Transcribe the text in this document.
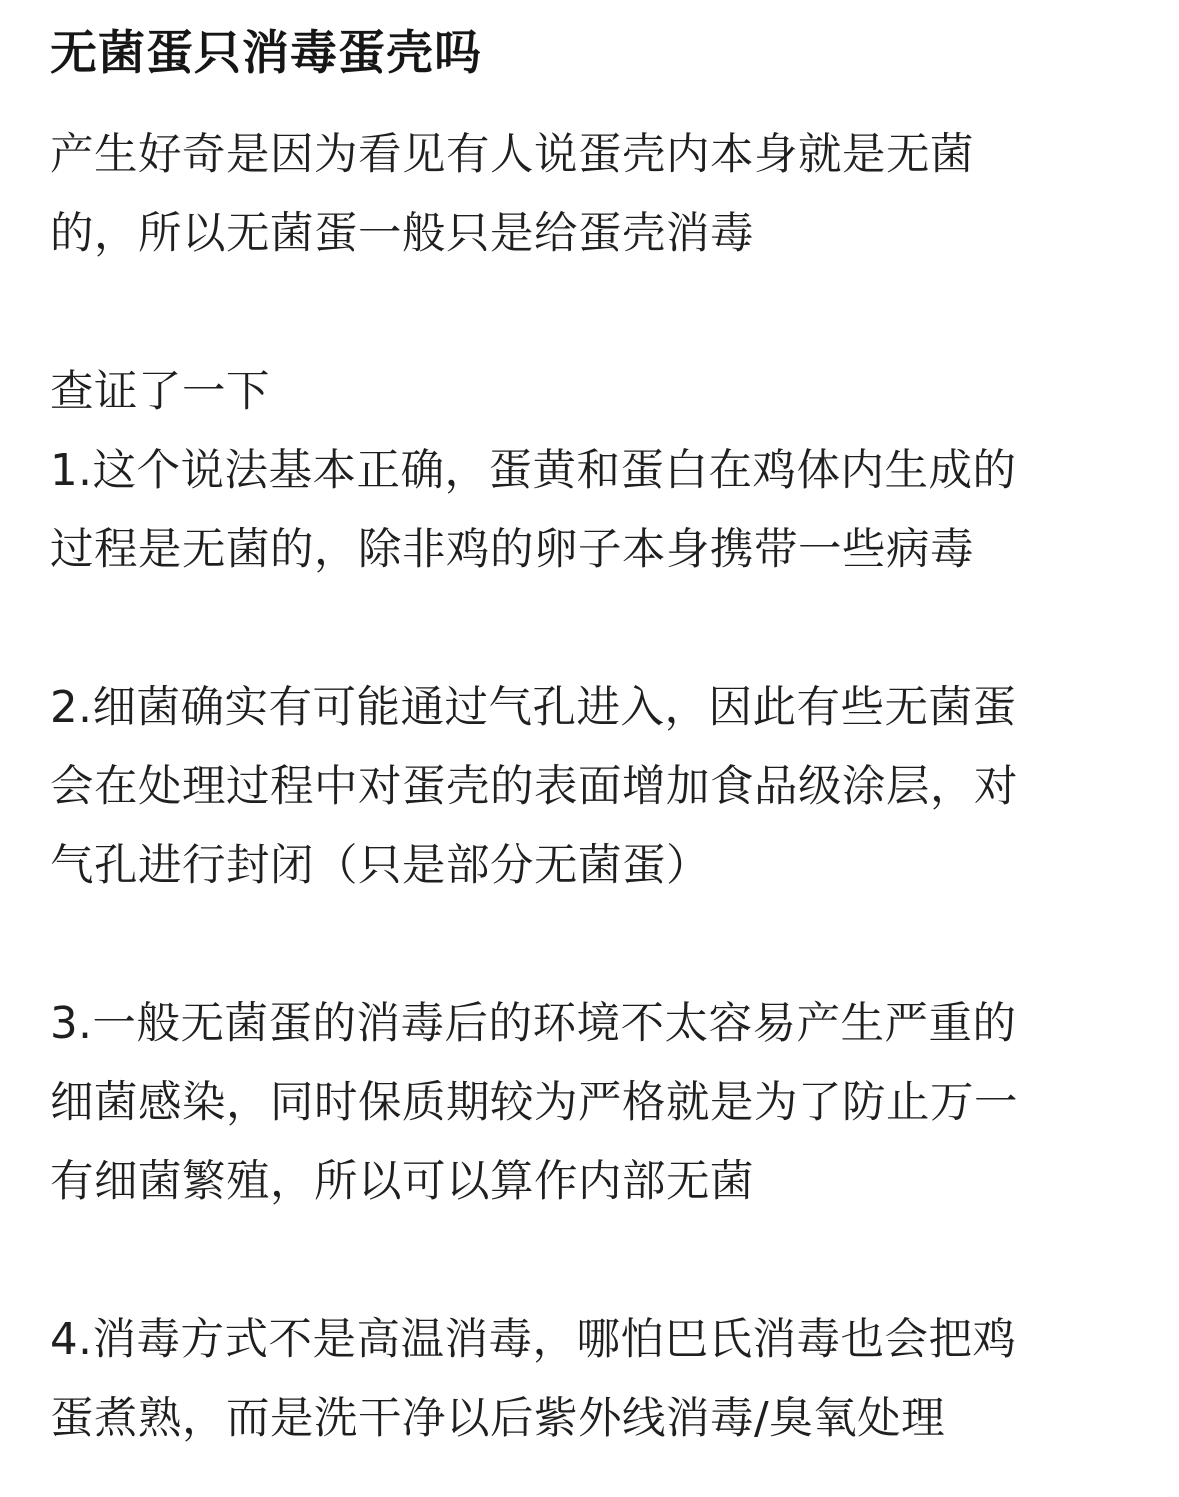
无菌蛋只消毒蛋壳吗

产生好奇是因为看见有人说蛋壳内本身就是无菌
的，所以无菌蛋一般只是给蛋壳消毒

查证了一下
1.这个说法基本正确，蛋黄和蛋白在鸡体内生成的
过程是无菌的，除非鸡的卵子本身携带一些病毒

2.细菌确实有可能通过气孔进入，因此有些无菌蛋
会在处理过程中对蛋壳的表面增加食品级涂层，对
气孔进行封闭（只是部分无菌蛋）

3.一般无菌蛋的消毒后的环境不太容易产生严重的
细菌感染，同时保质期较为严格就是为了防止万一
有细菌繁殖，所以可以算作内部无菌

4.消毒方式不是高温消毒，哪怕巴氏消毒也会把鸡
蛋煮熟，而是洗干净以后紫外线消毒/臭氧处理
